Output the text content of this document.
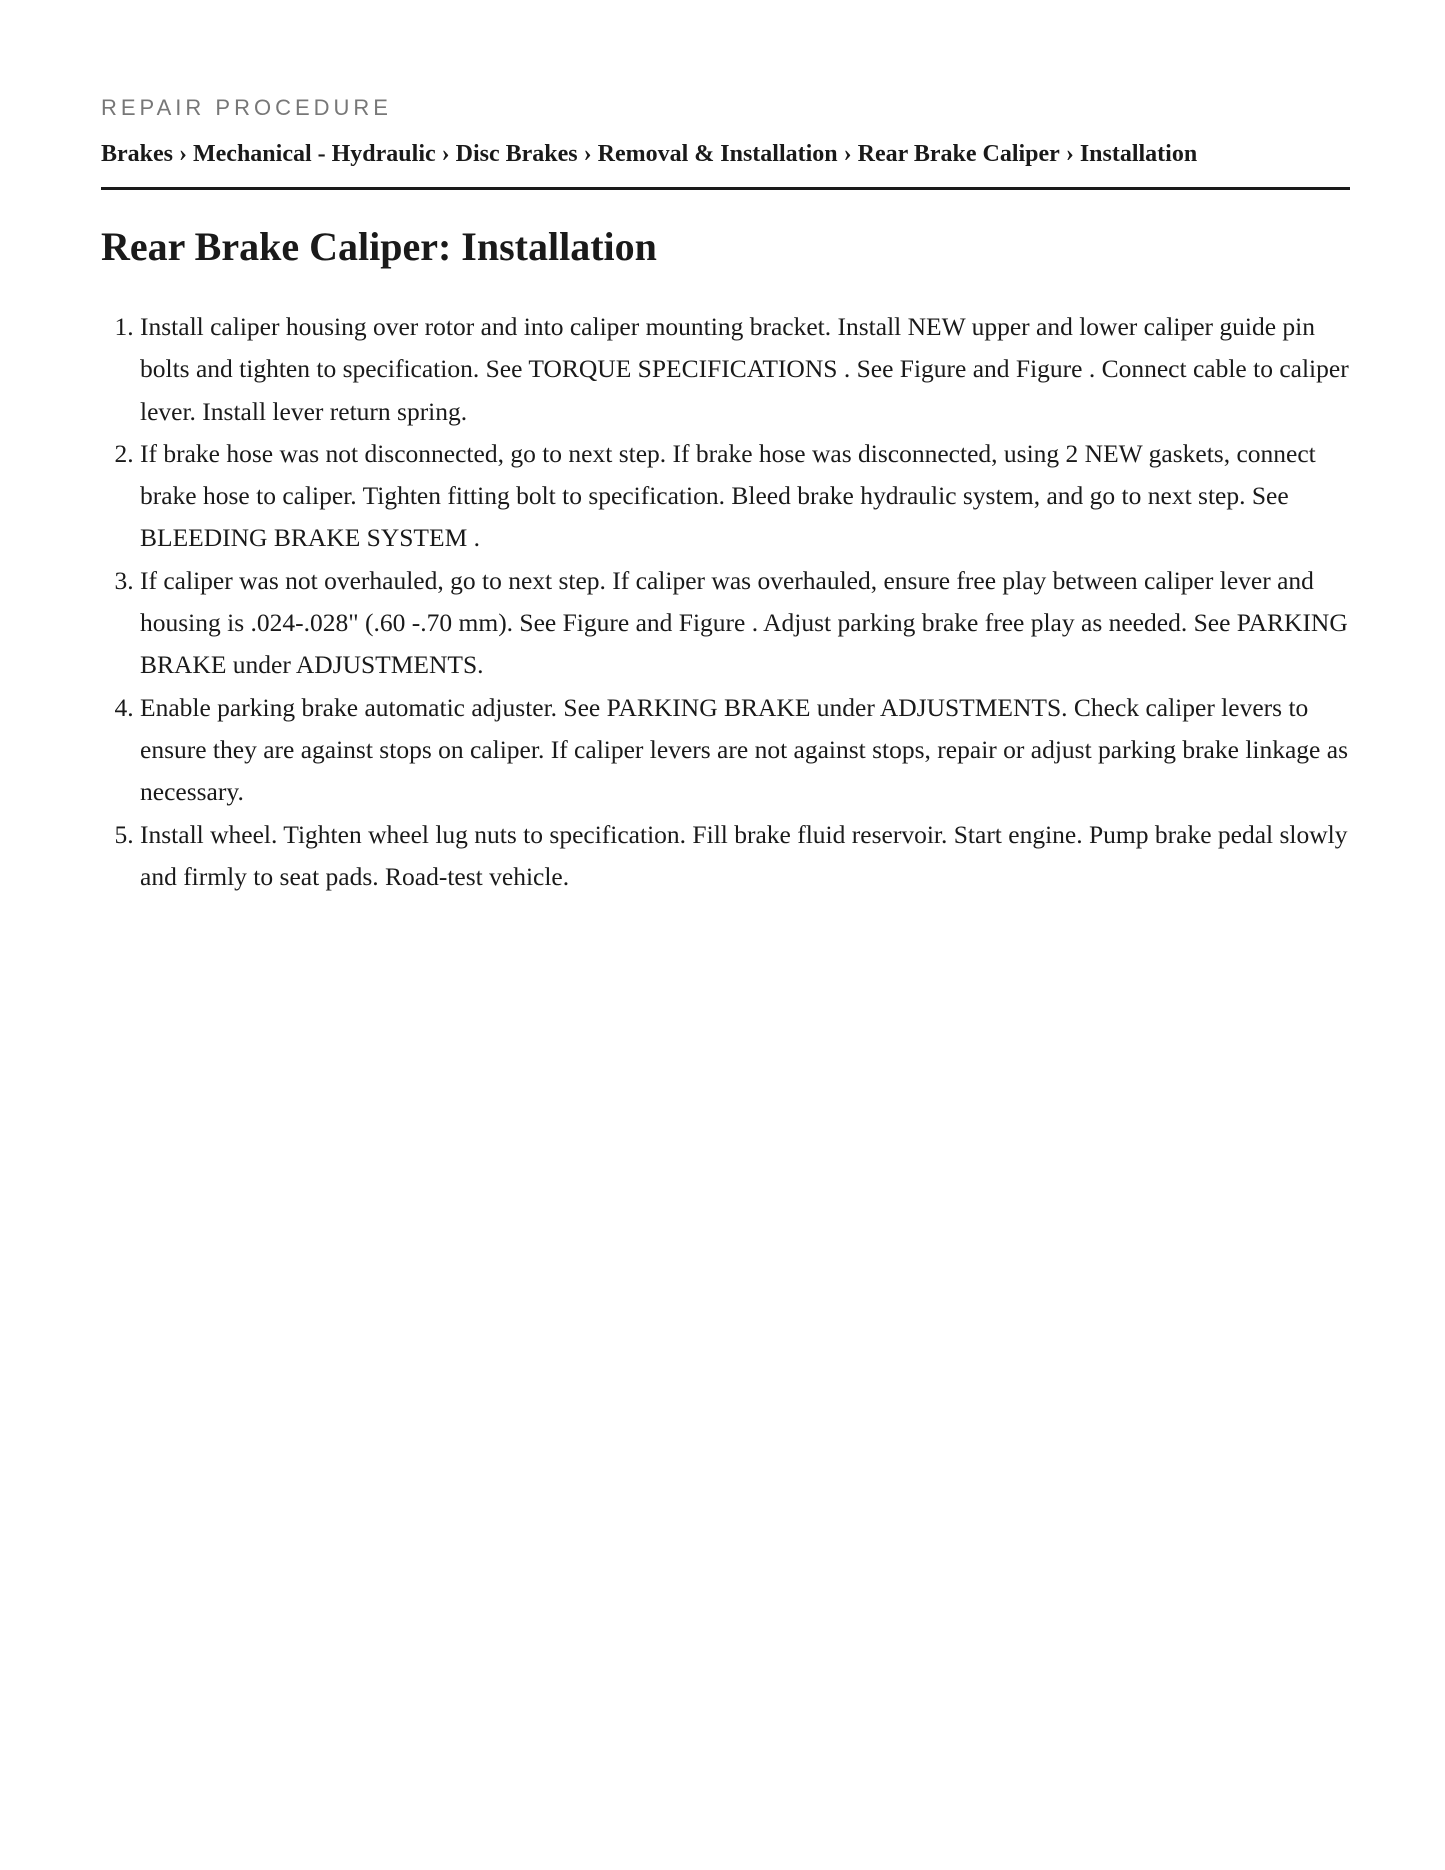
REPAIR PROCEDURE

Brakes › Mechanical - Hydraulic › Disc Brakes › Removal & Installation › Rear Brake Caliper › Installation
Rear Brake Caliper: Installation
1. Install caliper housing over rotor and into caliper mounting bracket. Install NEW upper and lower caliper guide pin bolts and tighten to specification. See TORQUE SPECIFICATIONS . See Figure and Figure . Connect cable to caliper lever. Install lever return spring.
2. If brake hose was not disconnected, go to next step. If brake hose was disconnected, using 2 NEW gaskets, connect brake hose to caliper. Tighten fitting bolt to specification. Bleed brake hydraulic system, and go to next step. See BLEEDING BRAKE SYSTEM .
3. If caliper was not overhauled, go to next step. If caliper was overhauled, ensure free play between caliper lever and housing is .024-.028" (.60 -.70 mm). See Figure and Figure . Adjust parking brake free play as needed. See PARKING BRAKE under ADJUSTMENTS.
4. Enable parking brake automatic adjuster. See PARKING BRAKE under ADJUSTMENTS. Check caliper levers to ensure they are against stops on caliper. If caliper levers are not against stops, repair or adjust parking brake linkage as necessary.
5. Install wheel. Tighten wheel lug nuts to specification. Fill brake fluid reservoir. Start engine. Pump brake pedal slowly and firmly to seat pads. Road-test vehicle.
